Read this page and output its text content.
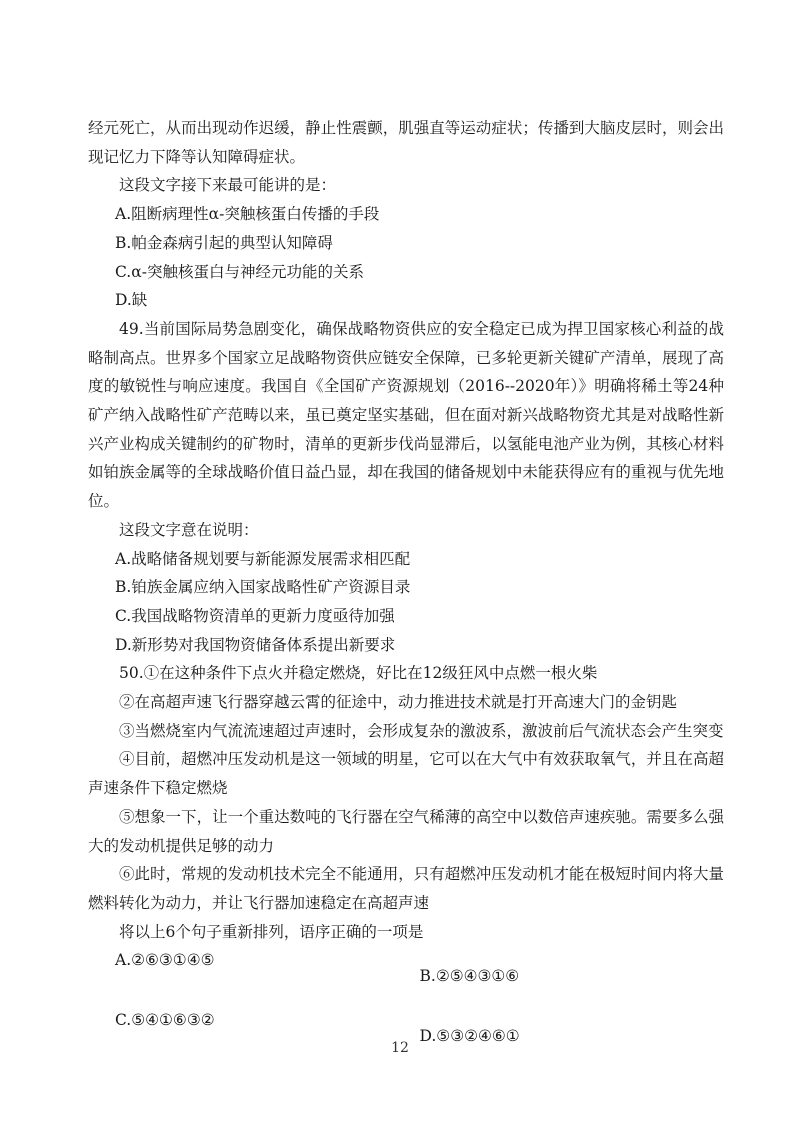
经元死亡，从而出现动作迟缓，静止性震颤，肌强直等运动症状；传播到大脑皮层时，则会出现记忆力下降等认知障碍症状。

这段文字接下来最可能讲的是：

A.阻断病理性α-突触核蛋白传播的手段

B.帕金森病引起的典型认知障碍

C.α-突触核蛋白与神经元功能的关系

D.缺

49.当前国际局势急剧变化，确保战略物资供应的安全稳定已成为捍卫国家核心利益的战略制高点。世界多个国家立足战略物资供应链安全保障，已多轮更新关键矿产清单，展现了高度的敏锐性与响应速度。我国自《全国矿产资源规划（2016--2020年）》明确将稀土等24种矿产纳入战略性矿产范畴以来，虽已奠定坚实基础，但在面对新兴战略物资尤其是对战略性新兴产业构成关键制约的矿物时，清单的更新步伐尚显滞后，以氢能电池产业为例，其核心材料如铂族金属等的全球战略价值日益凸显，却在我国的储备规划中未能获得应有的重视与优先地位。

这段文字意在说明：

A.战略储备规划要与新能源发展需求相匹配

B.铂族金属应纳入国家战略性矿产资源目录

C.我国战略物资清单的更新力度亟待加强

D.新形势对我国物资储备体系提出新要求

50.①在这种条件下点火并稳定燃烧，好比在12级狂风中点燃一根火柴

②在高超声速飞行器穿越云霄的征途中，动力推进技术就是打开高速大门的金钥匙

③当燃烧室内气流流速超过声速时，会形成复杂的激波系，激波前后气流状态会产生突变

④目前，超燃冲压发动机是这一领域的明星，它可以在大气中有效获取氧气，并且在高超声速条件下稳定燃烧

⑤想象一下，让一个重达数吨的飞行器在空气稀薄的高空中以数倍声速疾驰。需要多么强大的发动机提供足够的动力

⑥此时，常规的发动机技术完全不能通用，只有超燃冲压发动机才能在极短时间内将大量燃料转化为动力，并让飞行器加速稳定在高超声速

将以上6个句子重新排列，语序正确的一项是

A.②⑥③①④⑤

B.②⑤④③①⑥

C.⑤④①⑥③②

D.⑤③②④⑥①

12
